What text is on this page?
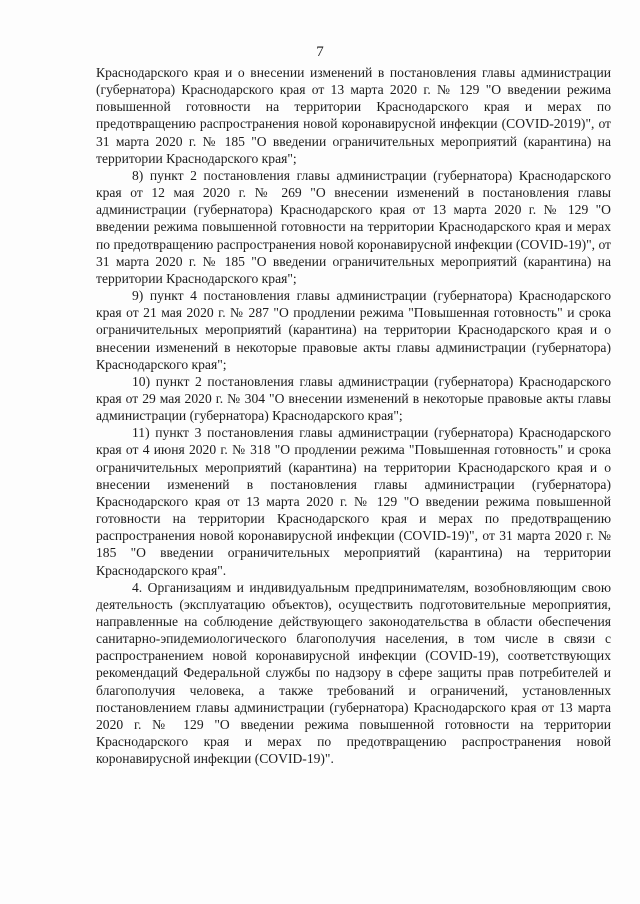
7

Краснодарского края и о внесении изменений в постановления главы администрации (губернатора) Краснодарского края от 13 марта 2020 г. № 129 "О введении режима повышенной готовности на территории Краснодарского края и мерах по предотвращению распространения новой коронавирусной инфекции (COVID-2019)", от 31 марта 2020 г. № 185 "О введении ограничительных мероприятий (карантина) на территории Краснодарского края";

8) пункт 2 постановления главы администрации (губернатора) Краснодарского края от 12 мая 2020 г. № 269 "О внесении изменений в постановления главы администрации (губернатора) Краснодарского края от 13 марта 2020 г. № 129 "О введении режима повышенной готовности на территории Краснодарского края и мерах по предотвращению распространения новой коронавирусной инфекции (COVID-19)", от 31 марта 2020 г. № 185 "О введении ограничительных мероприятий (карантина) на территории Краснодарского края";

9) пункт 4 постановления главы администрации (губернатора) Краснодарского края от 21 мая 2020 г. № 287 "О продлении режима "Повышенная готовность" и срока ограничительных мероприятий (карантина) на территории Краснодарского края и о внесении изменений в некоторые правовые акты главы администрации (губернатора) Краснодарского края";

10) пункт 2 постановления главы администрации (губернатора) Краснодарского края от 29 мая 2020 г. № 304 "О внесении изменений в некоторые правовые акты главы администрации (губернатора) Краснодарского края";

11) пункт 3 постановления главы администрации (губернатора) Краснодарского края от 4 июня 2020 г. № 318 "О продлении режима "Повышенная готовность" и срока ограничительных мероприятий (карантина) на территории Краснодарского края и о внесении изменений в постановления главы администрации (губернатора) Краснодарского края от 13 марта 2020 г. № 129 "О введении режима повышенной готовности на территории Краснодарского края и мерах по предотвращению распространения новой коронавирусной инфекции (COVID-19)", от 31 марта 2020 г. № 185 "О введении ограничительных мероприятий (карантина) на территории Краснодарского края".

4. Организациям и индивидуальным предпринимателям, возобновляющим свою деятельность (эксплуатацию объектов), осуществить подготовительные мероприятия, направленные на соблюдение действующего законодательства в области обеспечения санитарно-эпидемиологического благополучия населения, в том числе в связи с распространением новой коронавирусной инфекции (COVID-19), соответствующих рекомендаций Федеральной службы по надзору в сфере защиты прав потребителей и благополучия человека, а также требований и ограничений, установленных постановлением главы администрации (губернатора) Краснодарского края от 13 марта 2020 г. № 129 "О введении режима повышенной готовности на территории Краснодарского края и мерах по предотвращению распространения новой коронавирусной инфекции (COVID-19)".
